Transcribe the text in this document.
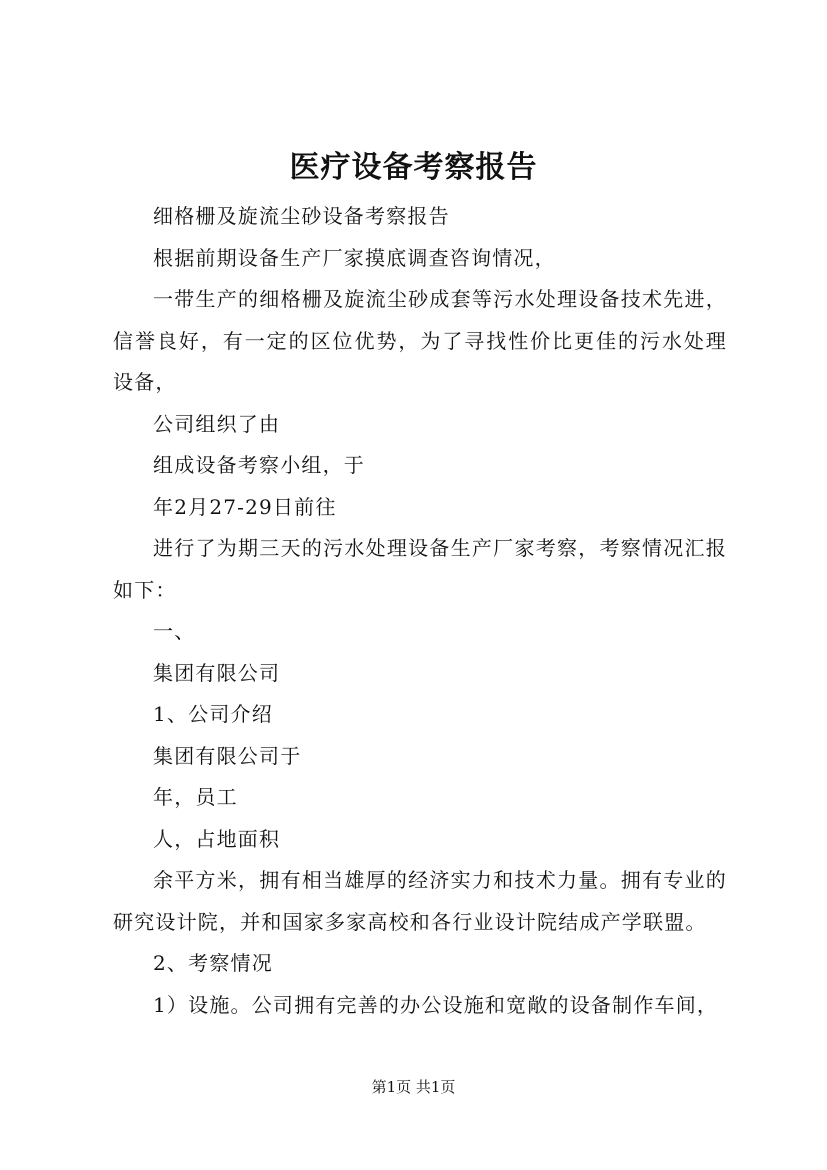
医疗设备考察报告

细格栅及旋流尘砂设备考察报告

根据前期设备生产厂家摸底调查咨询情况，

一带生产的细格栅及旋流尘砂成套等污水处理设备技术先进，信誉良好，有一定的区位优势，为了寻找性价比更佳的污水处理设备，

公司组织了由

组成设备考察小组，于

年2月27-29日前往

进行了为期三天的污水处理设备生产厂家考察，考察情况汇报如下：

一、

集团有限公司

1、公司介绍

集团有限公司于

年，员工

人，占地面积

余平方米，拥有相当雄厚的经济实力和技术力量。拥有专业的研究设计院，并和国家多家高校和各行业设计院结成产学联盟。

2、考察情况

1）设施。公司拥有完善的办公设施和宽敞的设备制作车间，

第1页 共1页
